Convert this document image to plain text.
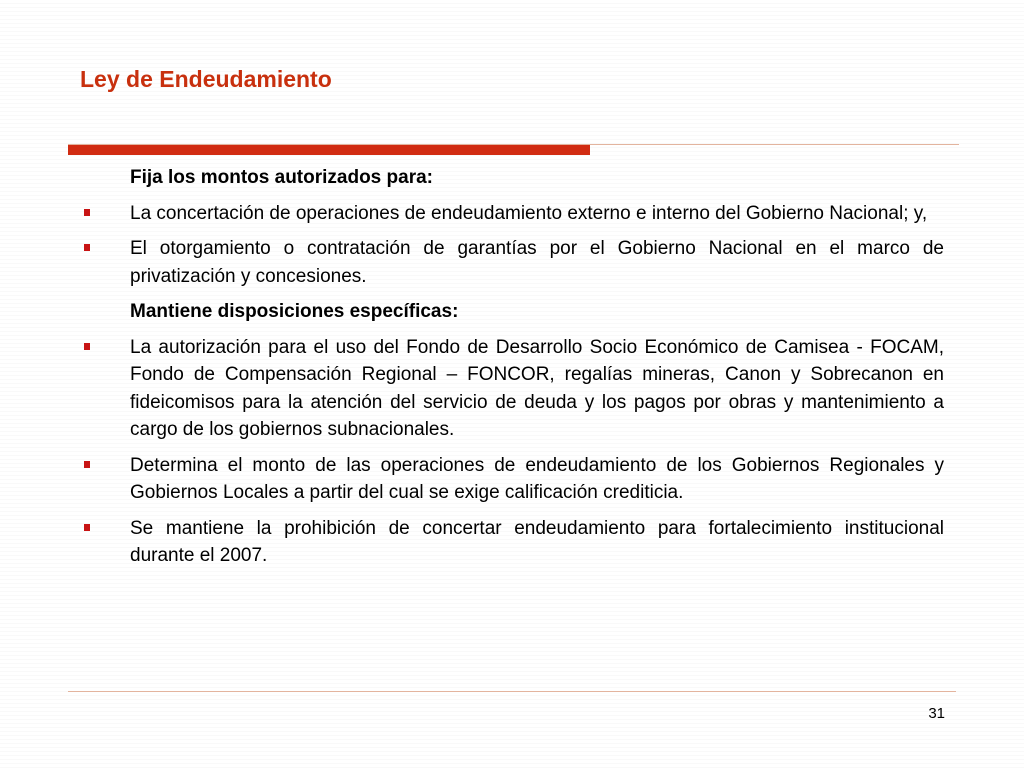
Ley de Endeudamiento
Fija los montos autorizados para:
La concertación de operaciones de endeudamiento externo e interno del Gobierno Nacional; y,
El otorgamiento o contratación de garantías por el Gobierno Nacional en el marco de privatización y concesiones.
Mantiene disposiciones específicas:
La autorización para el uso del Fondo de Desarrollo Socio Económico de Camisea - FOCAM, Fondo de Compensación Regional – FONCOR, regalías mineras, Canon y Sobrecanon en fideicomisos para la atención del servicio de deuda y los pagos por obras y mantenimiento a cargo de los gobiernos subnacionales.
Determina el monto de las operaciones de endeudamiento de los Gobiernos Regionales y Gobiernos Locales a partir del cual se exige calificación crediticia.
Se mantiene la prohibición de concertar endeudamiento para fortalecimiento institucional durante el 2007.
31
